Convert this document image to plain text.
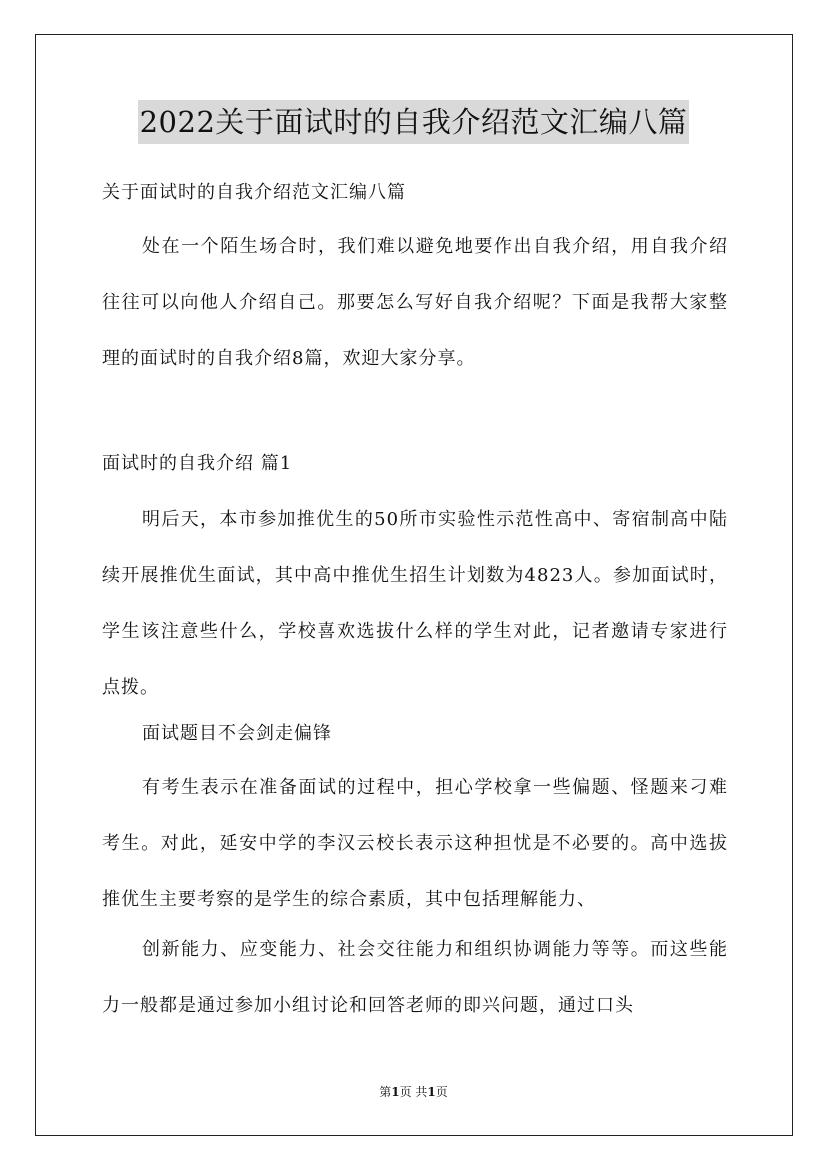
2022关于面试时的自我介绍范文汇编八篇

关于面试时的自我介绍范文汇编八篇

处在一个陌生场合时，我们难以避免地要作出自我介绍，用自我介绍往往可以向他人介绍自己。那要怎么写好自我介绍呢？下面是我帮大家整理的面试时的自我介绍8篇，欢迎大家分享。

面试时的自我介绍 篇1

明后天，本市参加推优生的50所市实验性示范性高中、寄宿制高中陆续开展推优生面试，其中高中推优生招生计划数为4823人。参加面试时，学生该注意些什么，学校喜欢选拔什么样的学生对此，记者邀请专家进行点拨。

面试题目不会剑走偏锋

有考生表示在准备面试的过程中，担心学校拿一些偏题、怪题来刁难考生。对此，延安中学的李汉云校长表示这种担忧是不必要的。高中选拔推优生主要考察的是学生的综合素质，其中包括理解能力、

创新能力、应变能力、社会交往能力和组织协调能力等等。而这些能力一般都是通过参加小组讨论和回答老师的即兴问题，通过口头

第1页 共1页
